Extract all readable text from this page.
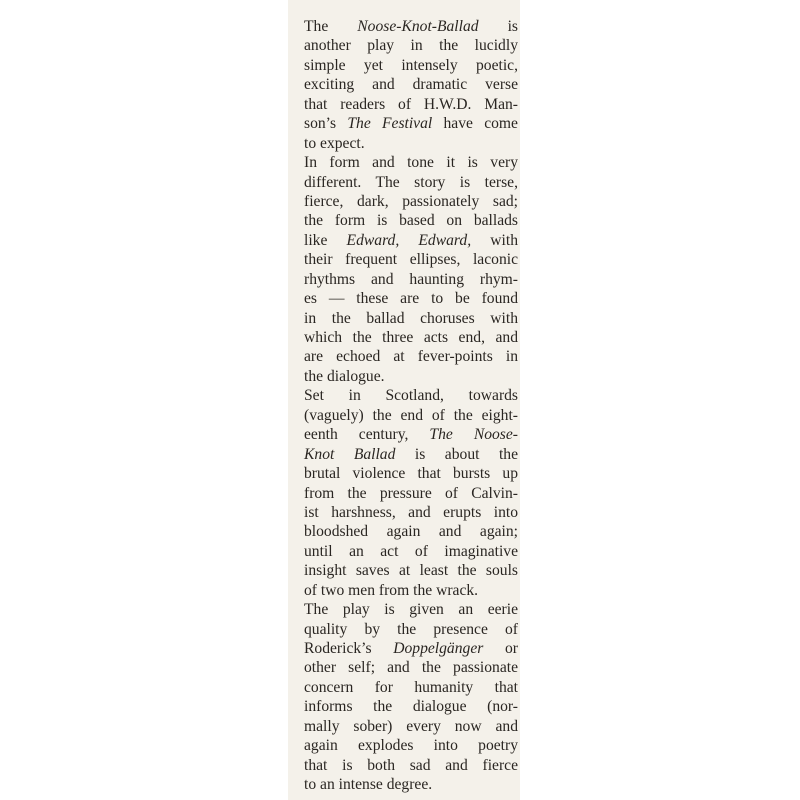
The Noose-Knot-Ballad is
another play in the lucidly
simple yet intensely poetic,
exciting and dramatic verse
that readers of H.W.D. Man-
son’s The Festival have come
to expect.
In form and tone it is very
different. The story is terse,
fierce, dark, passionately sad;
the form is based on ballads
like Edward, Edward, with
their frequent ellipses, laconic
rhythms and haunting rhym-
es — these are to be found
in the ballad choruses with
which the three acts end, and
are echoed at fever-points in
the dialogue.
Set in Scotland, towards
(vaguely) the end of the eight-
eenth century, The Noose-
Knot Ballad is about the
brutal violence that bursts up
from the pressure of Calvin-
ist harshness, and erupts into
bloodshed again and again;
until an act of imaginative
insight saves at least the souls
of two men from the wrack.
The play is given an eerie
quality by the presence of
Roderick’s Doppelgänger or
other self; and the passionate
concern for humanity that
informs the dialogue (nor-
mally sober) every now and
again explodes into poetry
that is both sad and fierce
to an intense degree.
